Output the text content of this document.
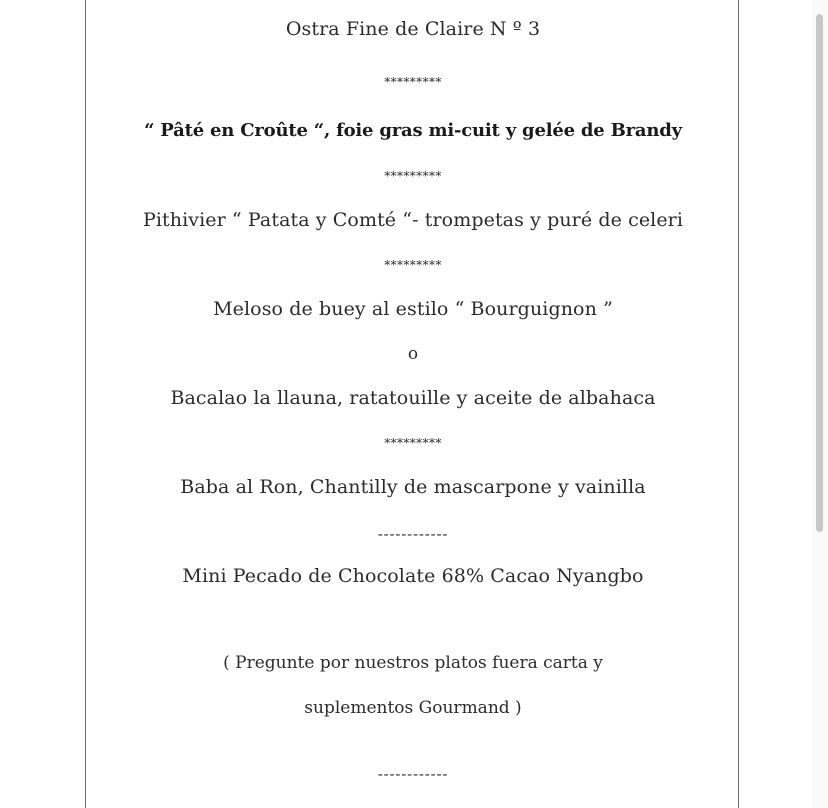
Ostra Fine de Claire N º 3
*********
“ Pâté en Croûte “, foie gras mi-cuit y gelée de Brandy
*********
Pithivier “ Patata y Comté “- trompetas y puré de celeri
*********
Meloso de buey al estilo “ Bourguignon ”
o
Bacalao la llauna, ratatouille y aceite de albahaca
*********
Baba al Ron, Chantilly de mascarpone y vainilla
------------
Mini Pecado de Chocolate 68% Cacao Nyangbo
( Pregunte por nuestros platos fuera carta y
suplementos Gourmand )
------------
